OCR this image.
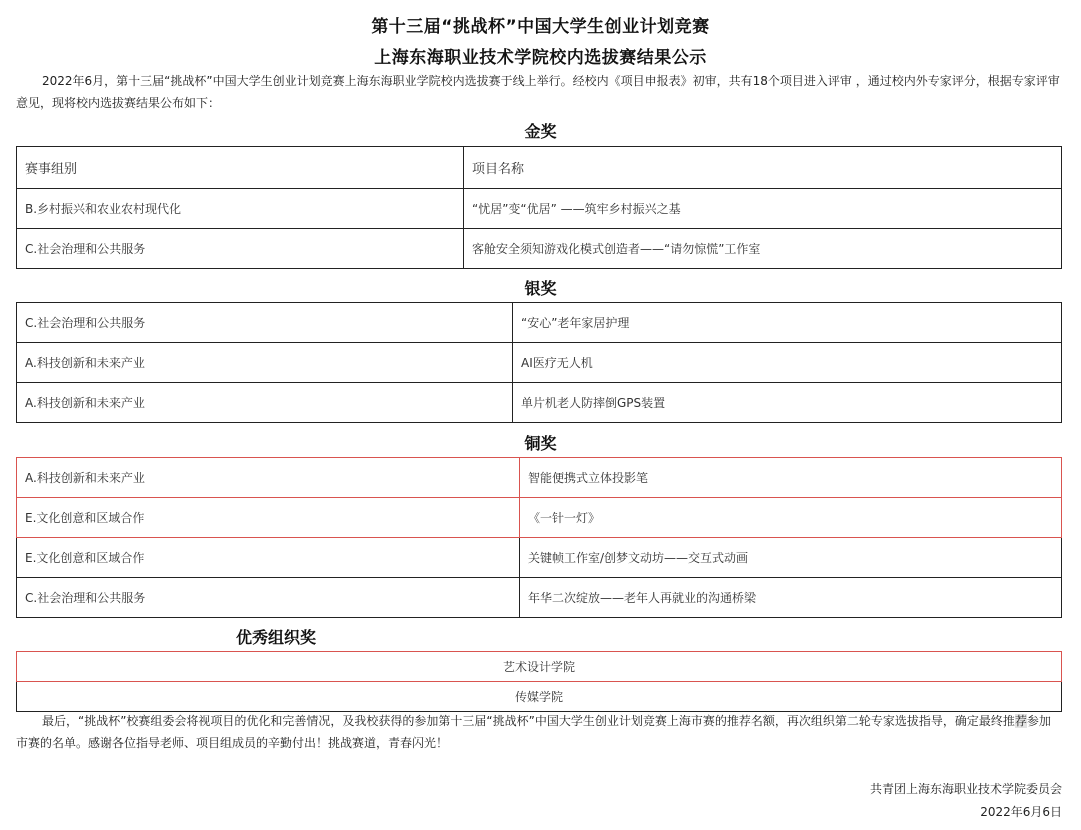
第十三届“挑战杯”中国大学生创业计划竞赛
上海东海职业技术学院校内选拔赛结果公示
2022年6月，第十三届“挑战杯”中国大学生创业计划竞赛上海东海职业学院校内选拔赛于线上举行。经校内《项目申报表》初审，共有18个项目进入评审 ，通过校内外专家评分，根据专家评审意见，现将校内选拔赛结果公布如下：
金奖
赛事组别	项目名称
B.乡村振兴和农业农村现代化	“忧居”变“优居” ——筑牢乡村振兴之基
C.社会治理和公共服务	客舱安全须知游戏化模式创造者——“请勿惊慌”工作室
银奖
C.社会治理和公共服务	“安心”老年家居护理
A.科技创新和未来产业	AI医疗无人机
A.科技创新和未来产业	单片机老人防摔倒GPS装置
铜奖
A.科技创新和未来产业	智能便携式立体投影笔
E.文化创意和区域合作	《一针一灯》
E.文化创意和区域合作	关键帧工作室/创梦文动坊——交互式动画
C.社会治理和公共服务	年华二次绽放——老年人再就业的沟通桥梁
优秀组织奖
艺术设计学院
传媒学院
最后，“挑战杯”校赛组委会将视项目的优化和完善情况，及我校获得的参加第十三届“挑战杯”中国大学生创业计划竞赛上海市赛的推荐名额，再次组织第二轮专家选拔指导，确定最终推荐参加市赛的名单。感谢各位指导老师、项目组成员的辛勤付出！挑战赛道，青春闪光！
共青团上海东海职业技术学院委员会
2022年6月6日
